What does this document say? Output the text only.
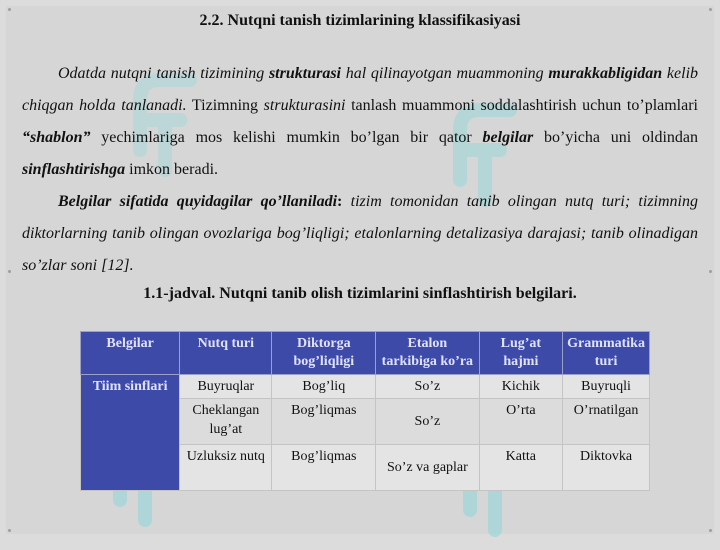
2.2. Nutqni tanish tizimlarining klassifikasiyasi

Odatda nutqni tanish tizimining strukturasi hal qilinayotgan muammoning murakkabligidan kelib chiqgan holda tanlanadi. Tizimning strukturasini tanlash muammoni soddalashtirish uchun to’plamlari “shablon” yechimlariga mos kelishi mumkin bo’lgan bir qator belgilar bo’yicha uni oldindan sinflashtirishga imkon beradi.

Belgilar sifatida quyidagilar qo’llaniladi: tizim tomonidan tanib olingan nutq turi; tizimning diktorlarning tanib olingan ovozlariga bog’liqligi; etalonlarning detalizasiya darajasi; tanib olinadigan so’zlar soni [12].

1.1-jadval. Nutqni tanib olish tizimlarini sinflashtirish belgilari.

Belgilar	Nutq turi	Diktorga bog’liqligi	Etalon tarkibiga ko’ra	Lug’at hajmi	Grammatika turi
Tiim sinflari	Buyruqlar	Bog’liq	So’z	Kichik	Buyruqli
	Cheklangan lug’at	Bog’liqmas	So’z	O’rta	O’rnatilgan
	Uzluksiz nutq	Bog’liqmas	So’z va gaplar	Katta	Diktovka
